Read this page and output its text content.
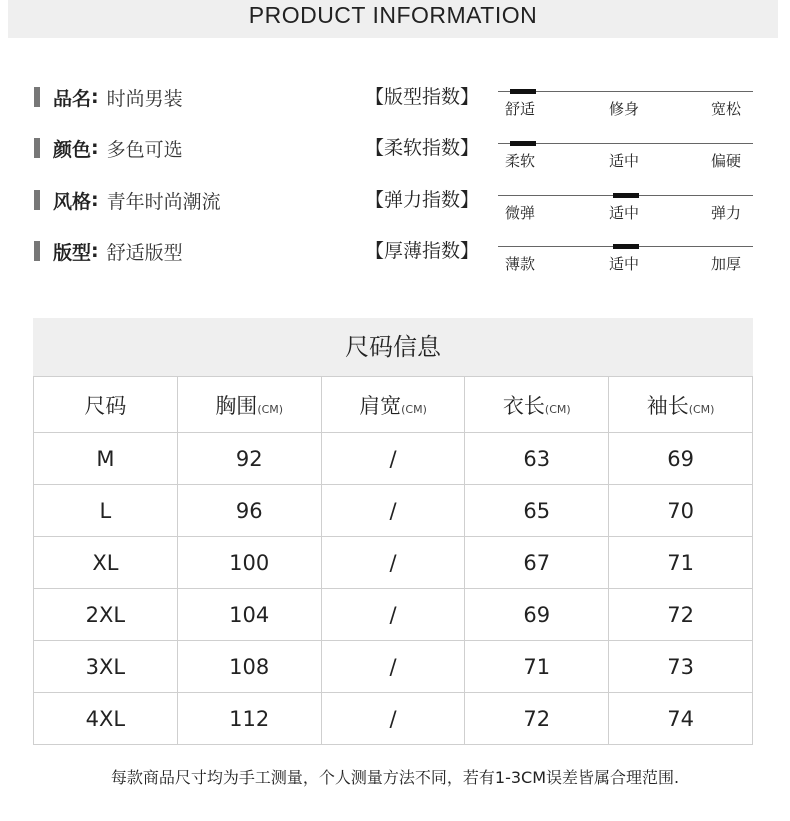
PRODUCT INFORMATION
品名 : 时尚男装
颜色 : 多色可选
风格 : 青年时尚潮流
版型 : 舒适版型
【版型指数】
【柔软指数】
【弹力指数】
【厚薄指数】
舒适	修身	宽松
柔软	适中	偏硬
微弹	适中	弹力
薄款	适中	加厚
尺码信息
尺码	胸围(CM)	肩宽(CM)	衣长(CM)	袖长(CM)
M	92	/	63	69
L	96	/	65	70
XL	100	/	67	71
2XL	104	/	69	72
3XL	108	/	71	73
4XL	112	/	72	74
每款商品尺寸均为手工测量，个人测量方法不同，若有1-3CM误差皆属合理范围.
